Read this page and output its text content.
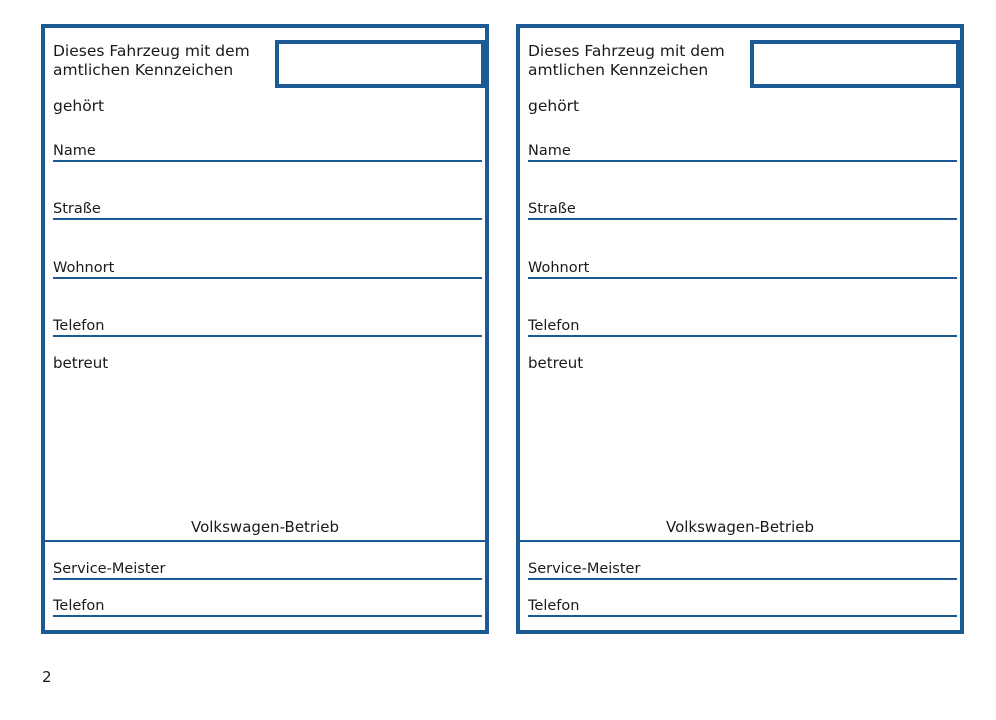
Dieses Fahrzeug mit dem
amtlichen Kennzeichen
gehört
Name
Straße
Wohnort
Telefon
betreut
Volkswagen-Betrieb
Service-Meister
Telefon
Dieses Fahrzeug mit dem
amtlichen Kennzeichen
gehört
Name
Straße
Wohnort
Telefon
betreut
Volkswagen-Betrieb
Service-Meister
Telefon
2
